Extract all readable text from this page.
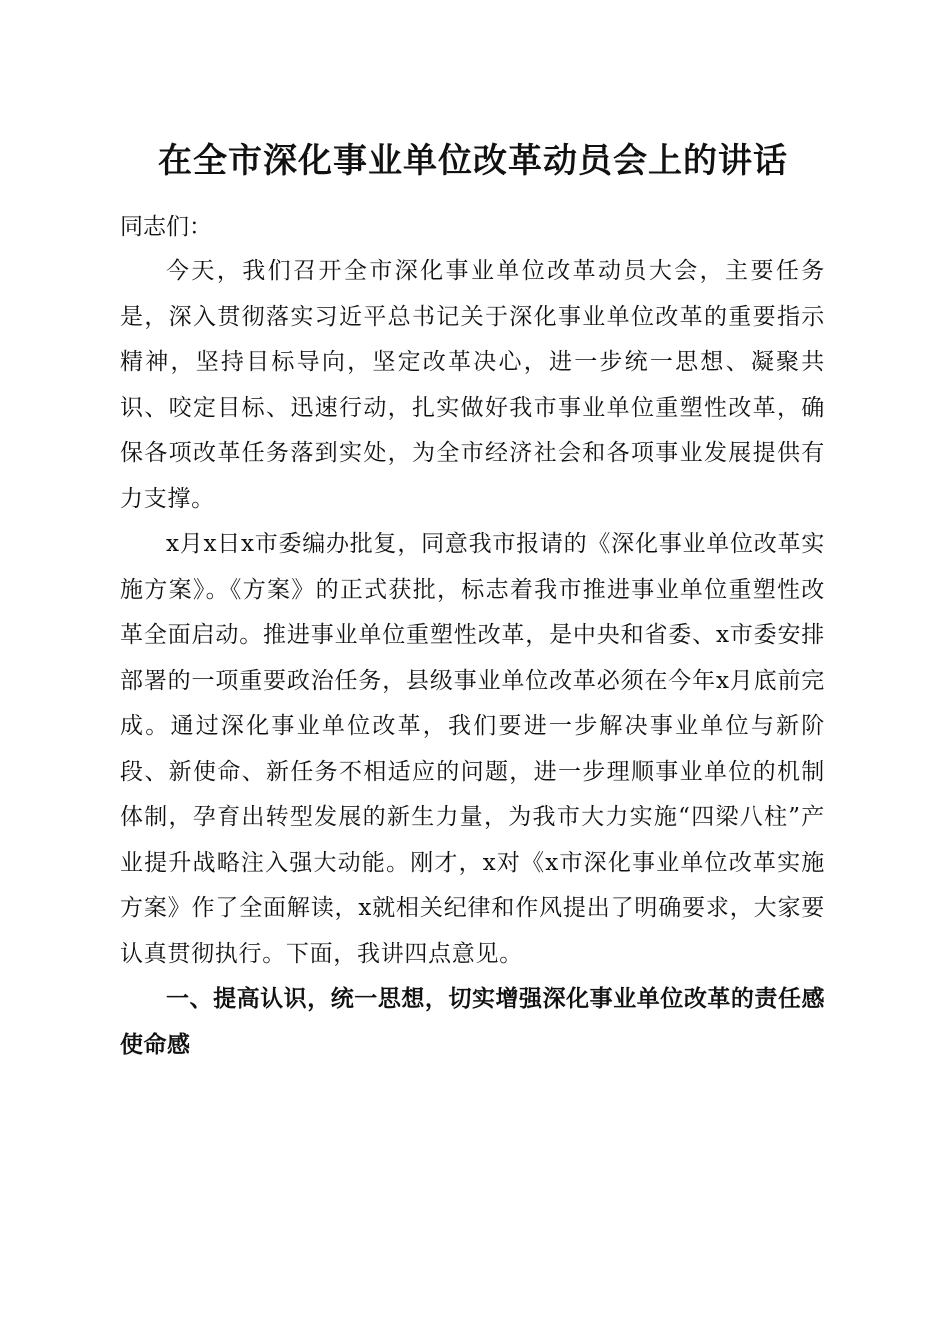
在全市深化事业单位改革动员会上的讲话

同志们：

今天，我们召开全市深化事业单位改革动员大会，主要任务是，深入贯彻落实习近平总书记关于深化事业单位改革的重要指示精神，坚持目标导向，坚定改革决心，进一步统一思想、凝聚共识、咬定目标、迅速行动，扎实做好我市事业单位重塑性改革，确保各项改革任务落到实处，为全市经济社会和各项事业发展提供有力支撑。

x月x日x市委编办批复，同意我市报请的《深化事业单位改革实施方案》。《方案》的正式获批，标志着我市推进事业单位重塑性改革全面启动。推进事业单位重塑性改革，是中央和省委、x市委安排部署的一项重要政治任务，县级事业单位改革必须在今年x月底前完成。通过深化事业单位改革，我们要进一步解决事业单位与新阶段、新使命、新任务不相适应的问题，进一步理顺事业单位的机制体制，孕育出转型发展的新生力量，为我市大力实施“四梁八柱”产业提升战略注入强大动能。刚才，x对《x市深化事业单位改革实施方案》作了全面解读，x就相关纪律和作风提出了明确要求，大家要认真贯彻执行。下面，我讲四点意见。

一、提高认识，统一思想，切实增强深化事业单位改革的责任感使命感
